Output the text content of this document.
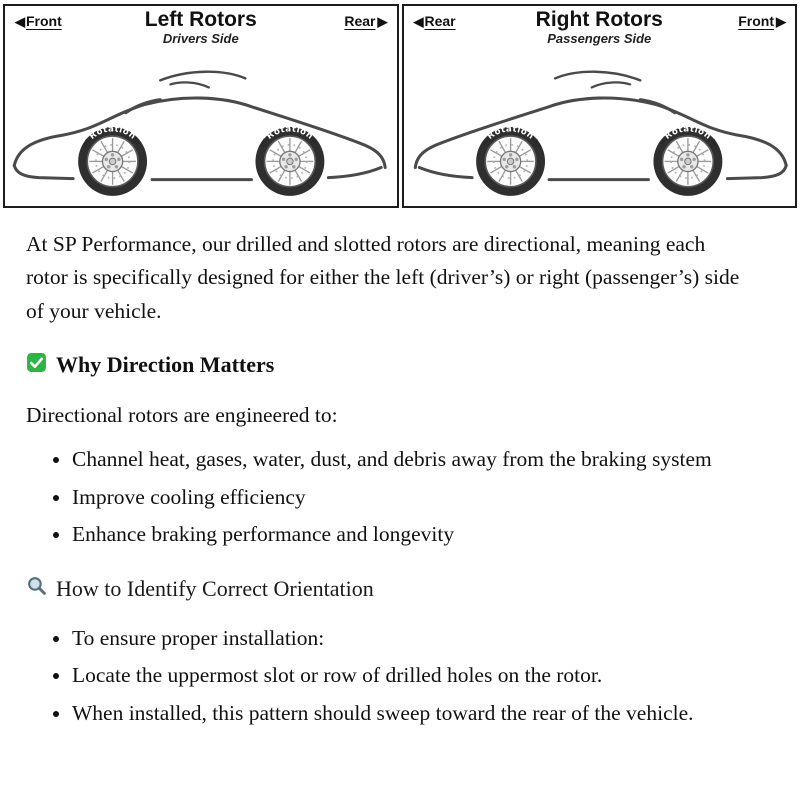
◀ Front	Left Rotors
Drivers Side
Rear ▶
Rotation	Rotation
◀ Rear	Right Rotors
Passengers Side
Front ▶
Rotation
Rotation

At SP Performance, our drilled and slotted rotors are directional, meaning each rotor is specifically designed for either the left (driver’s) or right (passenger’s) side of your vehicle.

Why Direction Matters

Directional rotors are engineered to:

• Channel heat, gases, water, dust, and debris away from the braking system
• Improve cooling efficiency
• Enhance braking performance and longevity
How to Identify Correct Orientation
• To ensure proper installation:
• Locate the uppermost slot or row of drilled holes on the rotor.
• When installed, this pattern should sweep toward the rear of the vehicle.
